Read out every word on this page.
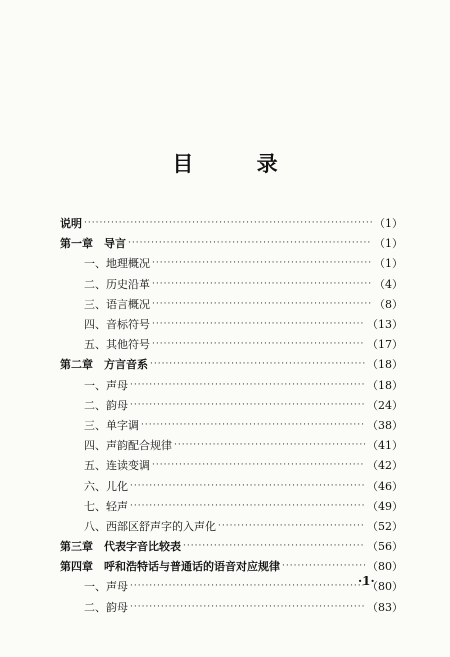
目 录
说明 ·····	（1）
第一章　导言 ·····	（1）
一、地理概况 ·····	（1）
二、历史沿革 ·····	（4）
三、语言概况 ·····	（8）
四、音标符号 ·····	（13）
五、其他符号 ·····	（17）
第二章　方言音系 ·····	（18）
一、声母 ·····	（18）
二、韵母 ·····	（24）
三、单字调 ·····	（38）
四、声韵配合规律 ·····	（41）
五、连读变调 ·····	（42）
六、儿化 ·····	（46）
七、轻声 ·····	（49）
八、西部区舒声字的入声化 ·····	（52）
第三章　代表字音比较表 ·····	（56）
第四章　呼和浩特话与普通话的语音对应规律 ·····	（80）
一、声母 ·····	（80）
二、韵母 ·····	（83）
·1·
